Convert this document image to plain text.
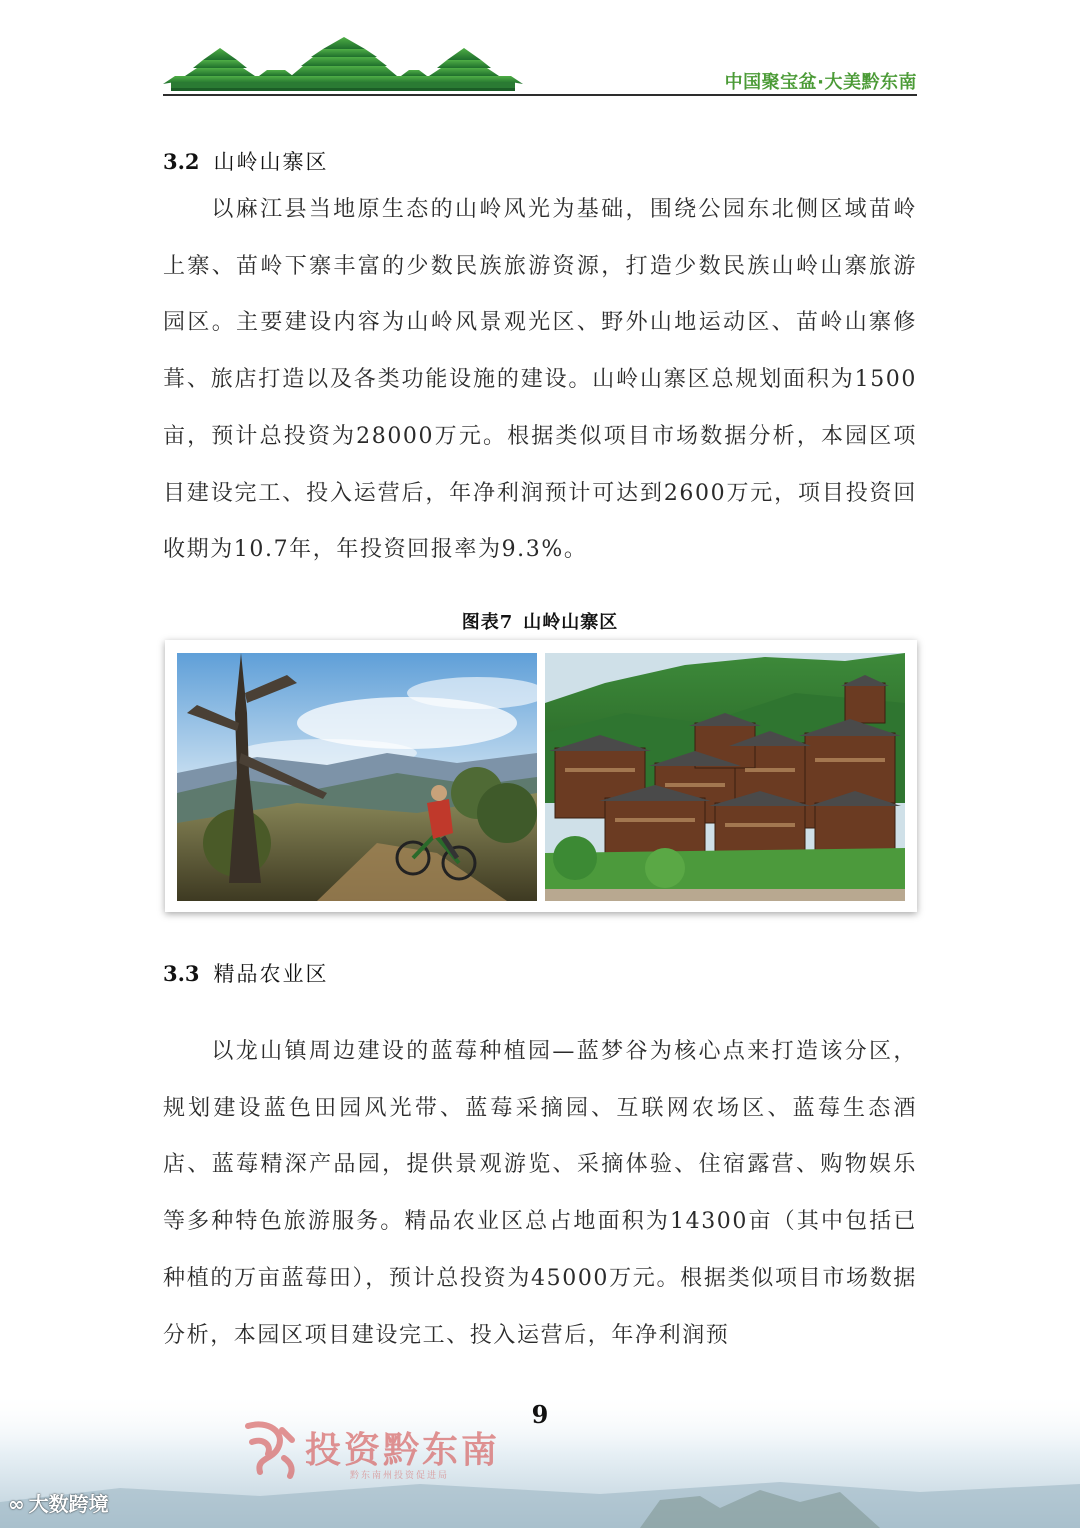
中国聚宝盆·大美黔东南
3.2 山岭山寨区

以麻江县当地原生态的山岭风光为基础，围绕公园东北侧区域苗岭上寨、苗岭下寨丰富的少数民族旅游资源，打造少数民族山岭山寨旅游园区。主要建设内容为山岭风景观光区、野外山地运动区、苗岭山寨修葺、旅店打造以及各类功能设施的建设。山岭山寨区总规划面积为1500亩，预计总投资为28000万元。根据类似项目市场数据分析，本园区项目建设完工、投入运营后，年净利润预计可达到2600万元，项目投资回收期为10.7年，年投资回报率为9.3%。

图表7 山岭山寨区
3.3 精品农业区

以龙山镇周边建设的蓝莓种植园—蓝梦谷为核心点来打造该分区，规划建设蓝色田园风光带、蓝莓采摘园、互联网农场区、蓝莓生态酒店、蓝莓精深产品园，提供景观游览、采摘体验、住宿露营、购物娱乐等多种特色旅游服务。精品农业区总占地面积为14300亩（其中包括已种植的万亩蓝莓田），预计总投资为45000万元。根据类似项目市场数据分析，本园区项目建设完工、投入运营后，年净利润预

投资黔东南
黔东南州投资促进局
9
∞ 大数跨境
